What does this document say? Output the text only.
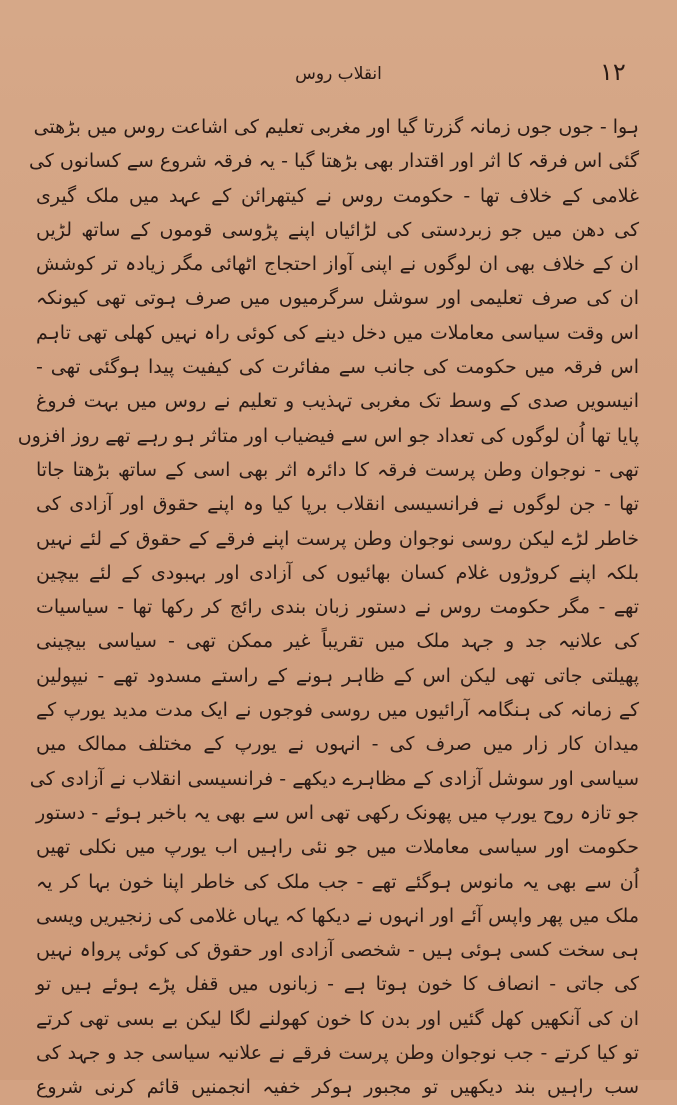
۱۲
انقلاب روس
ہوا - جوں جوں زمانہ گزرتا گیا اور مغربی تعلیم کی اشاعت روس میں بڑھتی
گئی اس فرقہ کا اثر اور اقتدار بھی بڑھتا گیا - یہ فرقہ شروع سے کسانوں کی
غلامی کے خلاف تھا - حکومت روس نے کیتھرائن کے عہد میں ملک گیری
کی دھن میں جو زبردستی کی لڑائیاں اپنے پڑوسی قوموں کے ساتھ لڑیں
ان کے خلاف بھی ان لوگوں نے اپنی آواز احتجاج اٹھائی مگر زیادہ تر کوشش
ان کی صرف تعلیمی اور سوشل سرگرمیوں میں صرف ہوتی تھی کیونکہ
اس وقت سیاسی معاملات میں دخل دینے کی کوئی راہ نہیں کھلی تھی تاہم
اس فرقہ میں حکومت کی جانب سے مفائرت کی کیفیت پیدا ہوگئی تھی -
انیسویں صدی کے وسط تک مغربی تہذیب و تعلیم نے روس میں بہت فروغ
پایا تھا اُن لوگوں کی تعداد جو اس سے فیضیاب اور متاثر ہو رہے تھے روز افزوں
تھی - نوجوان وطن پرست فرقہ کا دائرہ اثر بھی اسی کے ساتھ بڑھتا جاتا
تھا - جن لوگوں نے فرانسیسی انقلاب برپا کیا وہ اپنے حقوق اور آزادی کی
خاطر لڑے لیکن روسی نوجوان وطن پرست اپنے فرقے کے حقوق کے لئے نہیں
بلکہ اپنے کروڑوں غلام کسان بھائیوں کی آزادی اور بہبودی کے لئے بیچین
تھے - مگر حکومت روس نے دستور زبان بندی رائج کر رکھا تھا - سیاسیات
کی علانیہ جد و جہد ملک میں تقریباً غیر ممکن تھی - سیاسی بیچینی
پھیلتی جاتی تھی لیکن اس کے ظاہر ہونے کے راستے مسدود تھے - نیپولین
کے زمانہ کی ہنگامہ آرائیوں میں روسی فوجوں نے ایک مدت مدید یورپ کے
میدان کار زار میں صرف کی - انہوں نے یورپ کے مختلف ممالک میں
سیاسی اور سوشل آزادی کے مظاہرے دیکھے - فرانسیسی انقلاب نے آزادی کی
جو تازہ روح یورپ میں پھونک رکھی تھی اس سے بھی یہ باخبر ہوئے - دستور
حکومت اور سیاسی معاملات میں جو نئی راہیں اب یورپ میں نکلی تھیں
اُن سے بھی یہ مانوس ہوگئے تھے - جب ملک کی خاطر اپنا خون بہا کر یہ
ملک میں پھر واپس آئے اور انہوں نے دیکھا کہ یہاں غلامی کی زنجیریں ویسی
ہی سخت کسی ہوئی ہیں - شخصی آزادی اور حقوق کی کوئی پرواہ نہیں
کی جاتی - انصاف کا خون ہوتا ہے - زبانوں میں قفل پڑے ہوئے ہیں تو
ان کی آنکھیں کھل گئیں اور بدن کا خون کھولنے لگا لیکن بے بسی تھی کرتے
تو کیا کرتے - جب نوجوان وطن پرست فرقے نے علانیہ سیاسی جد و جہد کی
سب راہیں بند دیکھیں تو مجبور ہوکر خفیہ انجمنیں قائم کرنی شروع
